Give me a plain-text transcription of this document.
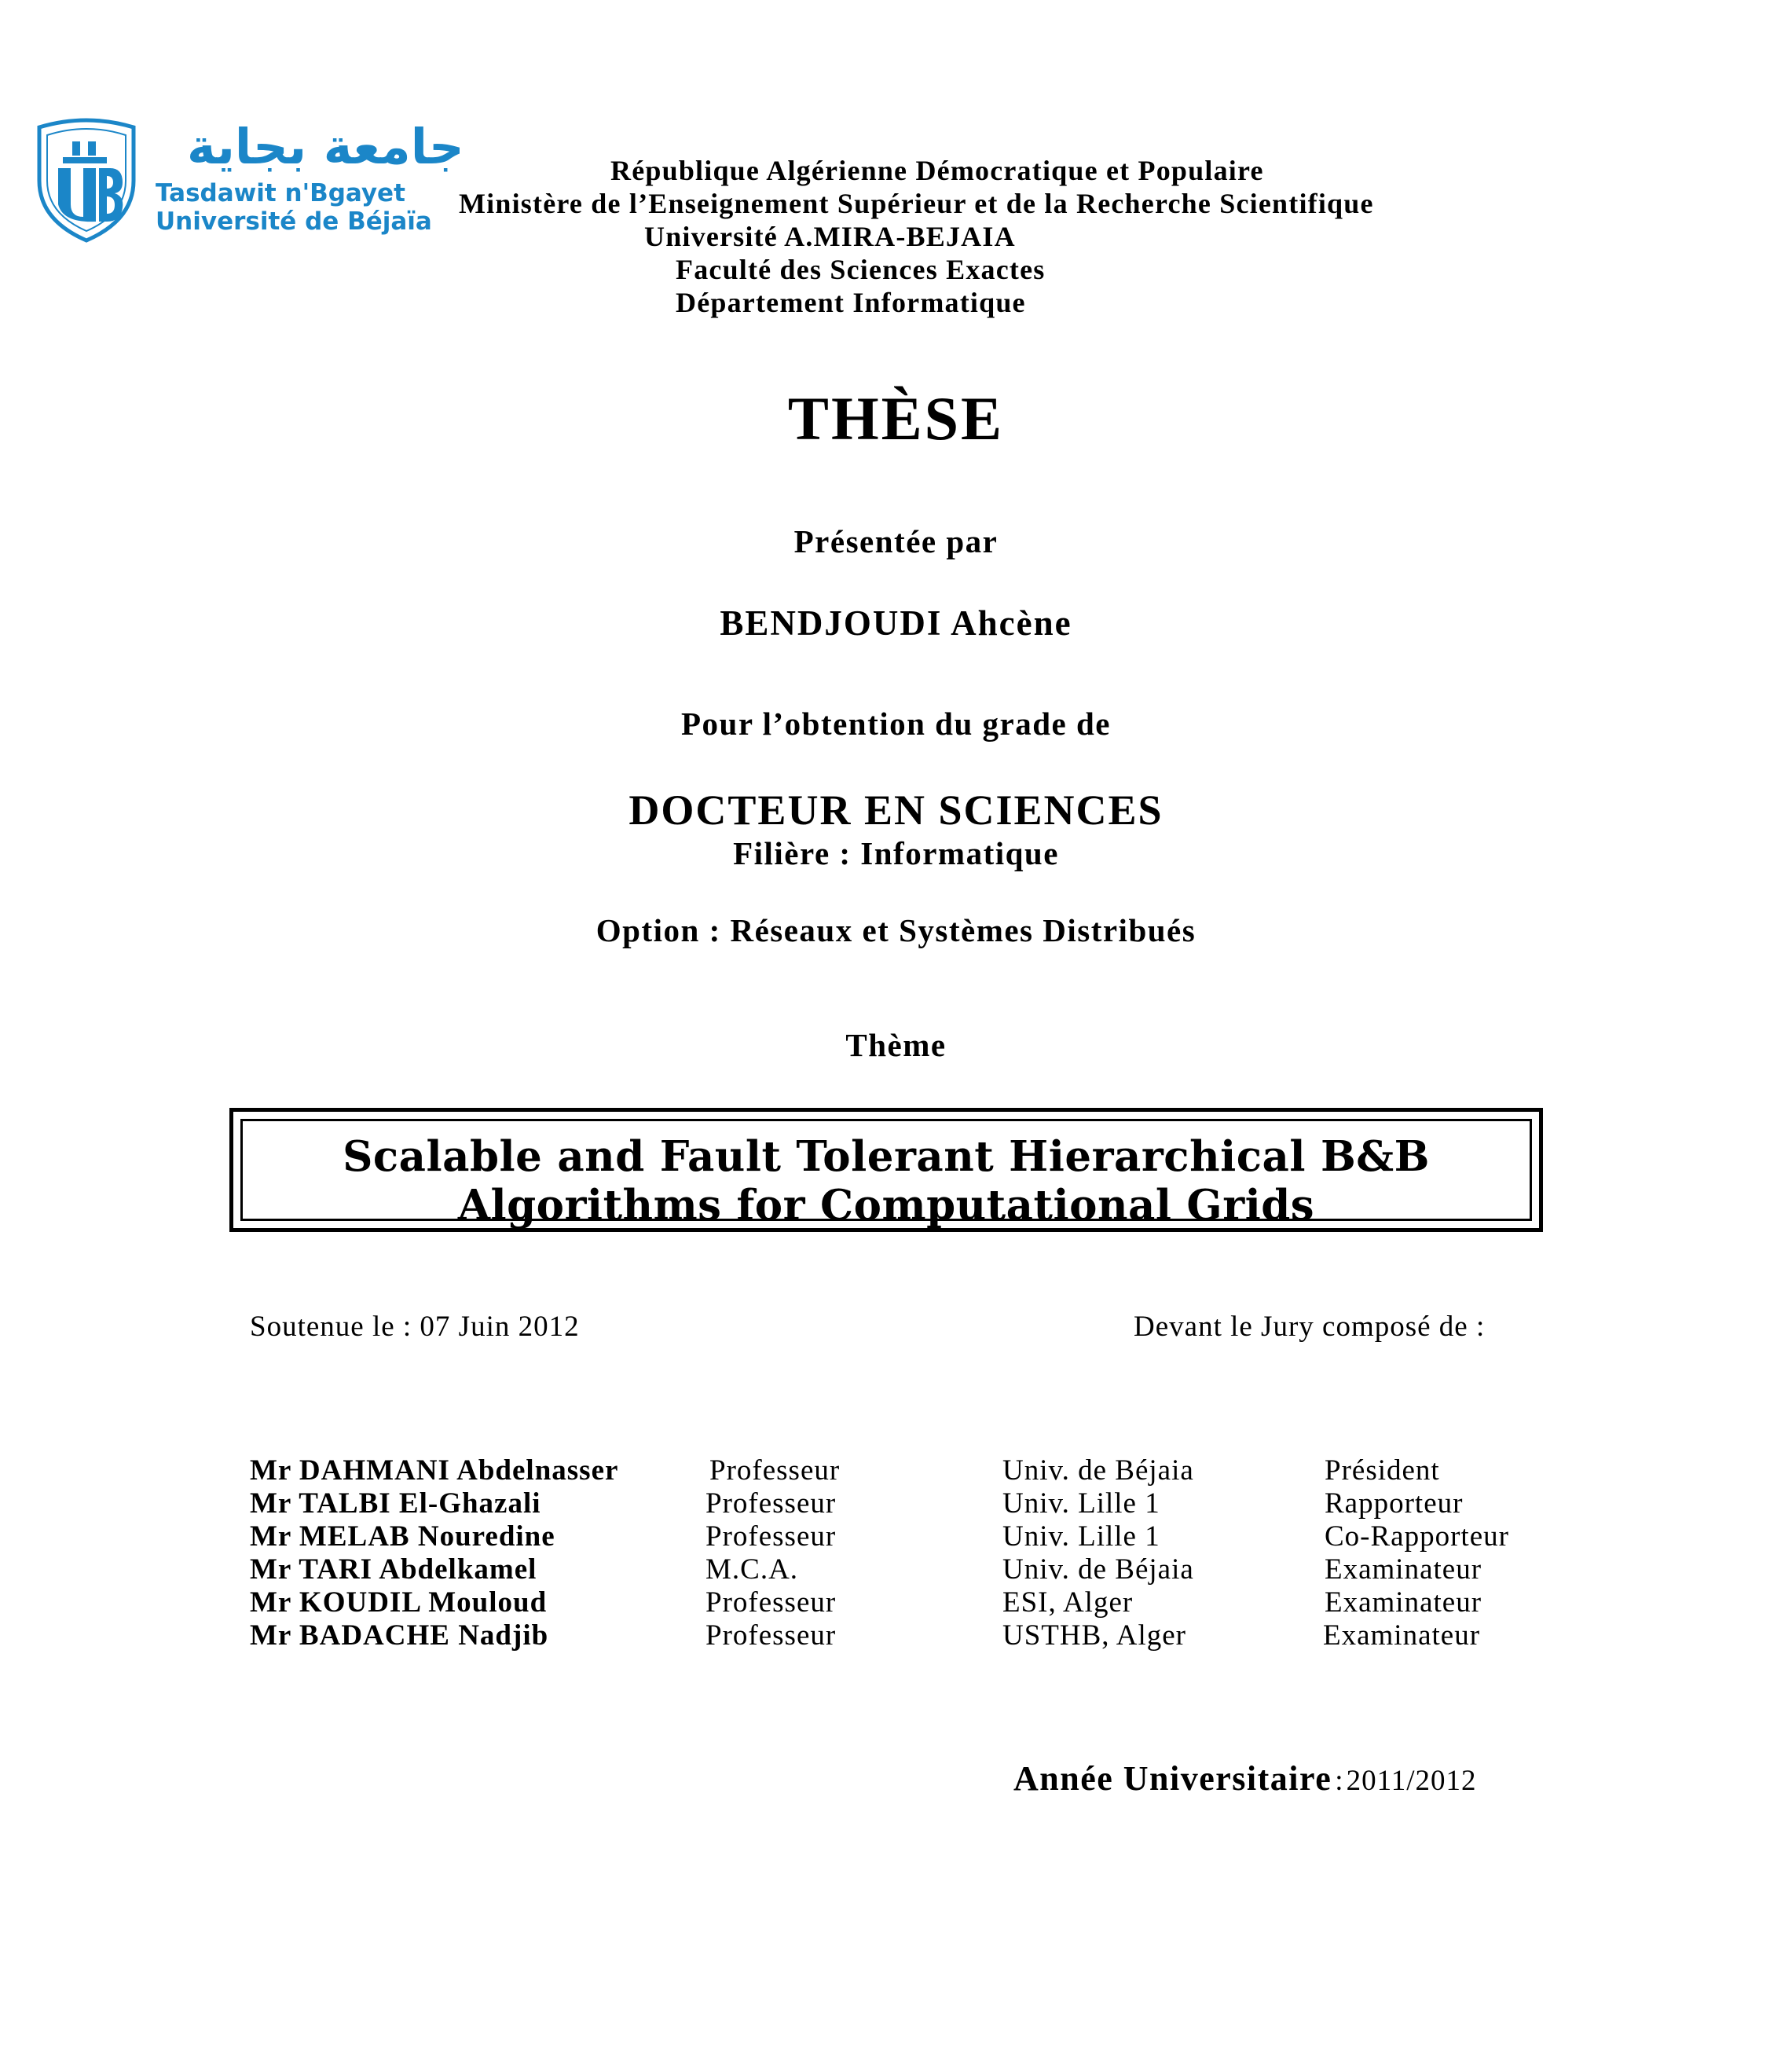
جامعة بجاية
Tasdawit n'Bgayet
Université de Béjaïa
République Algérienne Démocratique et Populaire
Ministère de l’Enseignement Supérieur et de la Recherche Scientifique
Université A.MIRA-BEJAIA
Faculté des Sciences Exactes
Département Informatique
THÈSE
Présentée par
BENDJOUDI Ahcène
Pour l’obtention du grade de
DOCTEUR EN SCIENCES
Filière : Informatique
Option : Réseaux et Systèmes Distribués
Thème
Scalable and Fault Tolerant Hierarchical B&B
Algorithms for Computational Grids
Soutenue le : 07 Juin 2012	Devant le Jury composé de :
Mr DAHMANI Abdelnasser	Professeur	Univ. de Béjaia	Président
Mr TALBI El-Ghazali	Professeur	Univ. Lille 1	Rapporteur
Mr MELAB Nouredine	Professeur	Univ. Lille 1	Co-Rapporteur
Mr TARI Abdelkamel	M.C.A.	Univ. de Béjaia	Examinateur
Mr KOUDIL Mouloud	Professeur	ESI, Alger	Examinateur
Mr BADACHE Nadjib	Professeur	USTHB, Alger	Examinateur
Année Universitaire : 2011/2012
